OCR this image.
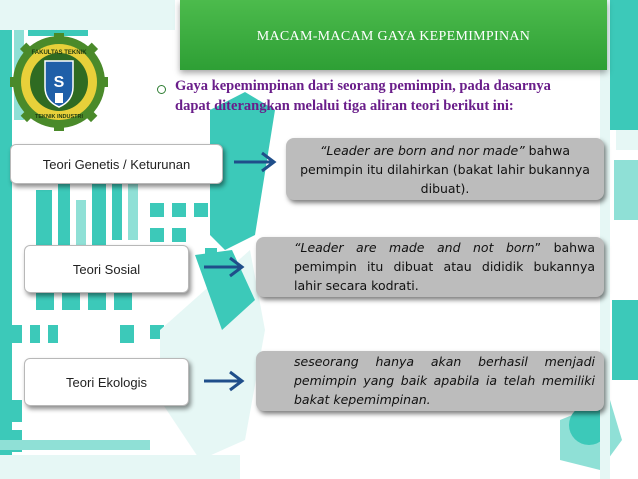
S
FAKULTAS TEKNIK
TEKNIK INDUSTRI
MACAM-MACAM GAYA KEPEMIMPINAN
Gaya kepemimpinan dari seorang pemimpin, pada dasarnya dapat diterangkan melalui tiga aliran teori berikut ini:
Teori Genetis / Keturunan
“Leader are born and nor made” bahwa pemimpin itu dilahirkan (bakat lahir bukannya dibuat).
Teori Sosial
“Leader are made and not born” bahwa pemimpin itu dibuat atau dididik bukannya lahir secara kodrati.
Teori Ekologis
seseorang hanya akan berhasil menjadi pemimpin yang baik apabila ia telah memiliki bakat kepemimpinan.
